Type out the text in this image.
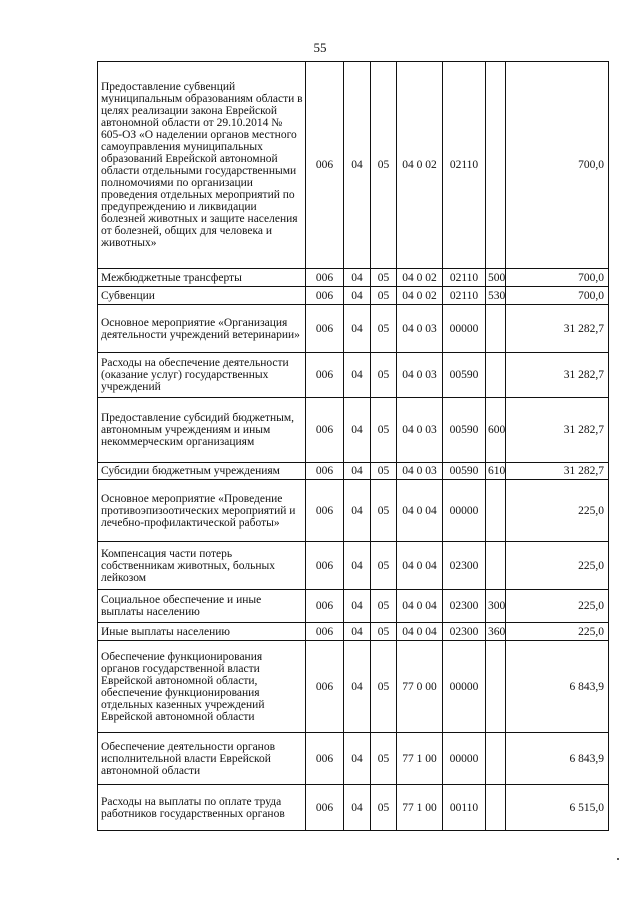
55
Предоставление субвенций муниципальным образованиям области в целях реализации закона Еврейской автономной области от 29.10.2014 № 605-ОЗ «О наделении органов местного самоуправления муниципальных образований Еврейской автономной области отдельными государственными полномочиями по организации проведения отдельных мероприятий по предупреждению и ликвидации болезней животных и защите населения от болезней, общих для человека и животных»	006	04	05	04 0 02	02110		700,0
Межбюджетные трансферты	006	04	05	04 0 02	02110	500	700,0
Субвенции	006	04	05	04 0 02	02110	530	700,0
Основное мероприятие «Организация деятельности учреждений ветеринарии»	006	04	05	04 0 03	00000		31 282,7
Расходы на обеспечение деятельности (оказание услуг) государственных учреждений	006	04	05	04 0 03	00590		31 282,7
Предоставление субсидий бюджетным, автономным учреждениям и иным некоммерческим организациям	006	04	05	04 0 03	00590	600	31 282,7
Субсидии бюджетным учреждениям	006	04	05	04 0 03	00590	610	31 282,7
Основное мероприятие «Проведение противоэпизоотических мероприятий и лечебно-профилактической работы»	006	04	05	04 0 04	00000		225,0
Компенсация части потерь собственникам животных, больных лейкозом	006	04	05	04 0 04	02300		225,0
Социальное обеспечение и иные выплаты населению	006	04	05	04 0 04	02300	300	225,0
Иные выплаты населению	006	04	05	04 0 04	02300	360	225,0
Обеспечение функционирования органов государственной власти Еврейской автономной области, обеспечение функционирования отдельных казенных учреждений Еврейской автономной области	006	04	05	77 0 00	00000		6 843,9
Обеспечение деятельности органов исполнительной власти Еврейской автономной области	006	04	05	77 1 00	00000		6 843,9
Расходы на выплаты по оплате труда работников государственных органов	006	04	05	77 1 00	00110		6 515,0
